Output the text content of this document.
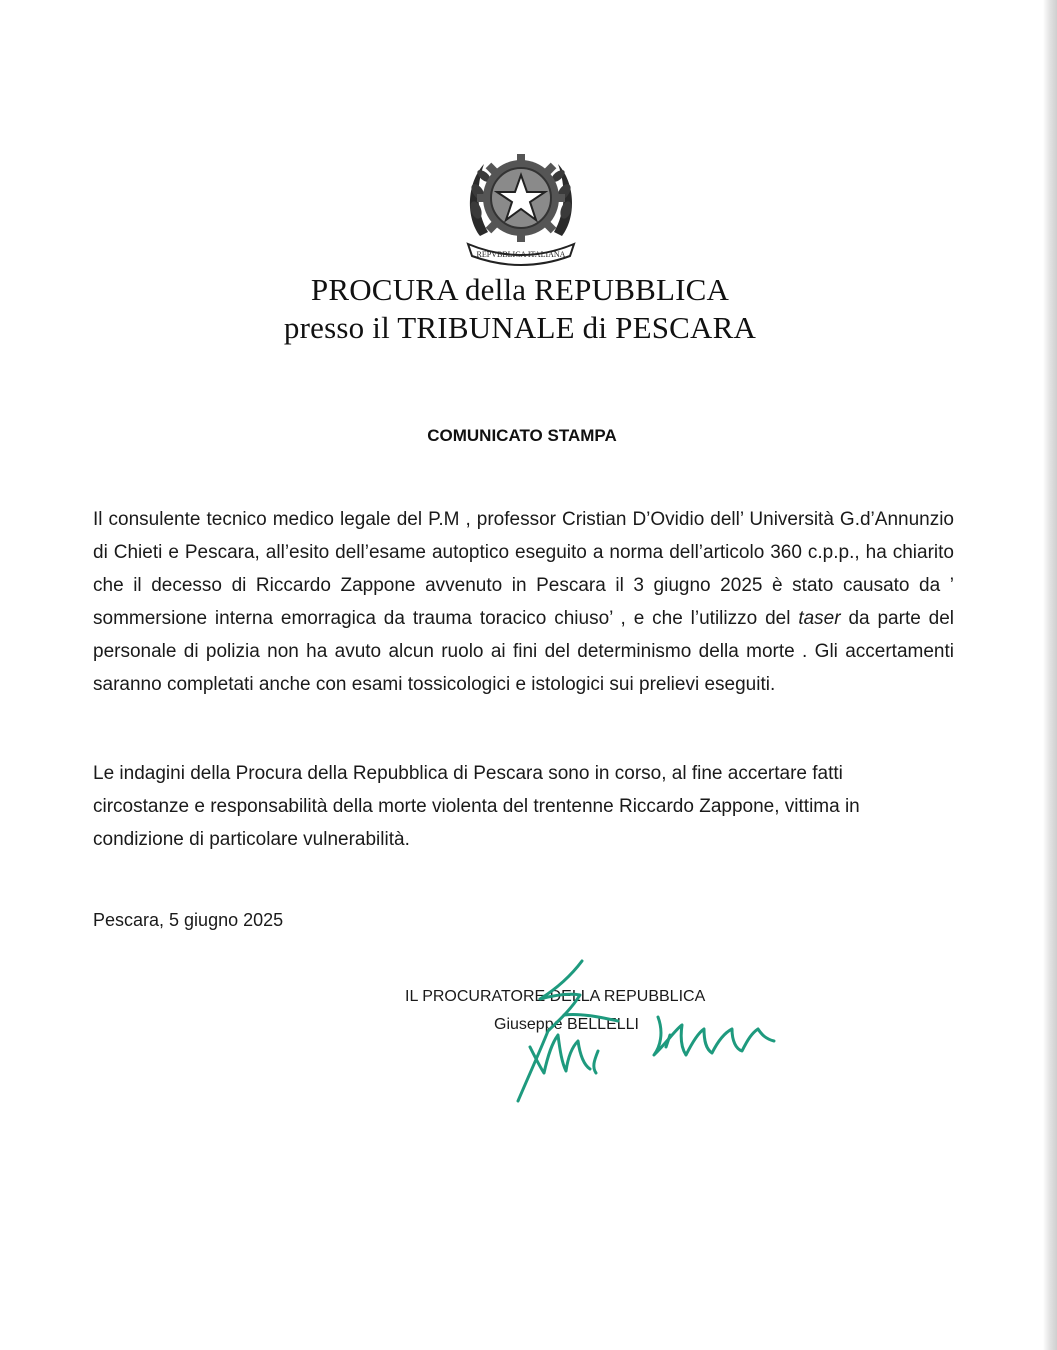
REPVBBLICA ITALIANA
PROCURA della REPUBBLICA
presso il TRIBUNALE di PESCARA
COMUNICATO STAMPA

Il consulente tecnico medico legale del P.M , professor Cristian D’Ovidio dell’ Università G.d’Annunzio di Chieti e Pescara, all’esito dell’esame autoptico eseguito a norma dell’articolo 360 c.p.p., ha chiarito che il decesso di Riccardo Zappone avvenuto in Pescara il 3 giugno 2025 è stato causato da ’ sommersione interna emorragica da trauma toracico chiuso’ , e che l’utilizzo del taser da parte del personale di polizia non ha avuto alcun ruolo ai fini del determinismo della morte . Gli accertamenti saranno completati anche con esami tossicologici e istologici sui prelievi eseguiti.

Le indagini della Procura della Repubblica di Pescara sono in corso, al fine accertare fatti circostanze e responsabilità della morte violenta del trentenne Riccardo Zappone, vittima in condizione di particolare vulnerabilità.

Pescara, 5 giugno 2025
IL PROCURATORE DELLA REPUBBLICA
Giuseppe BELLELLI
